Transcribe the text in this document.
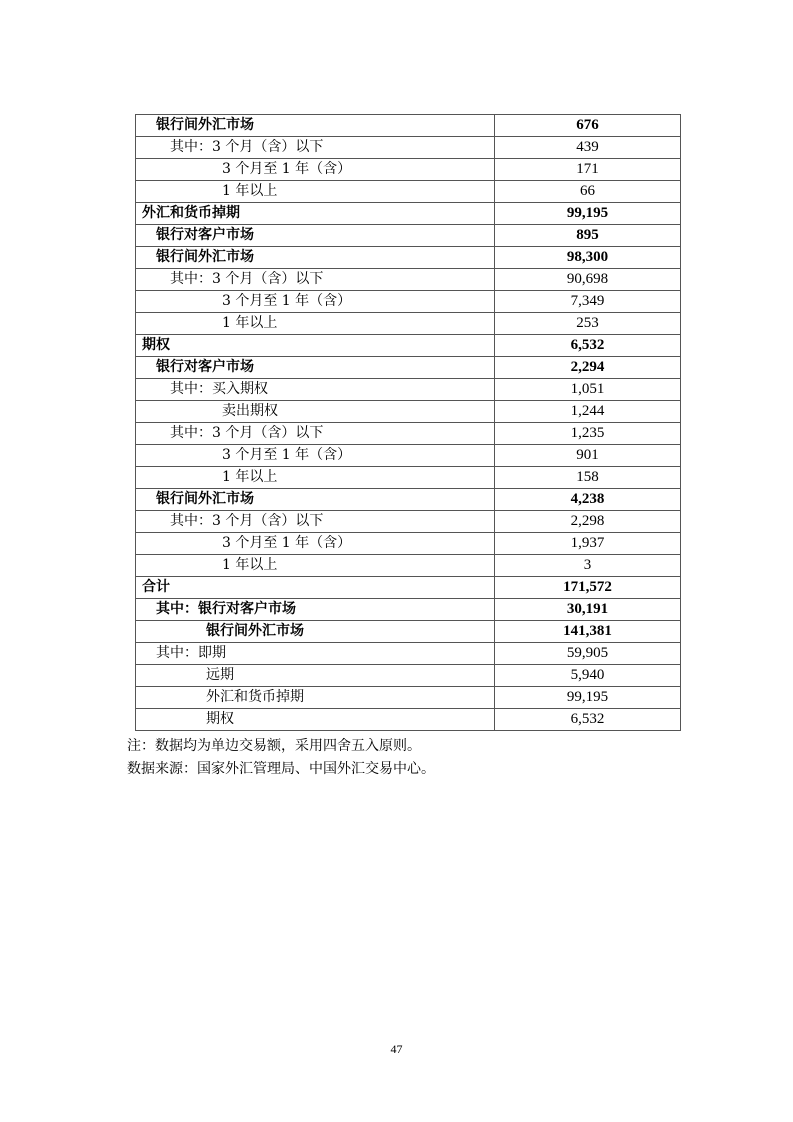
银行间外汇市场	676
其中：3 个月（含）以下	439
3 个月至 1 年（含）	171
1 年以上	66
外汇和货币掉期	99,195
银行对客户市场	895
银行间外汇市场	98,300
其中：3 个月（含）以下	90,698
3 个月至 1 年（含）	7,349
1 年以上	253
期权	6,532
银行对客户市场	2,294
其中：买入期权	1,051
卖出期权	1,244
其中：3 个月（含）以下	1,235
3 个月至 1 年（含）	901
1 年以上	158
银行间外汇市场	4,238
其中：3 个月（含）以下	2,298
3 个月至 1 年（含）	1,937
1 年以上	3
合计	171,572
其中：银行对客户市场	30,191
银行间外汇市场	141,381
其中：即期	59,905
远期	5,940
外汇和货币掉期	99,195
期权	6,532
注：数据均为单边交易额，采用四舍五入原则。
数据来源：国家外汇管理局、中国外汇交易中心。
47
